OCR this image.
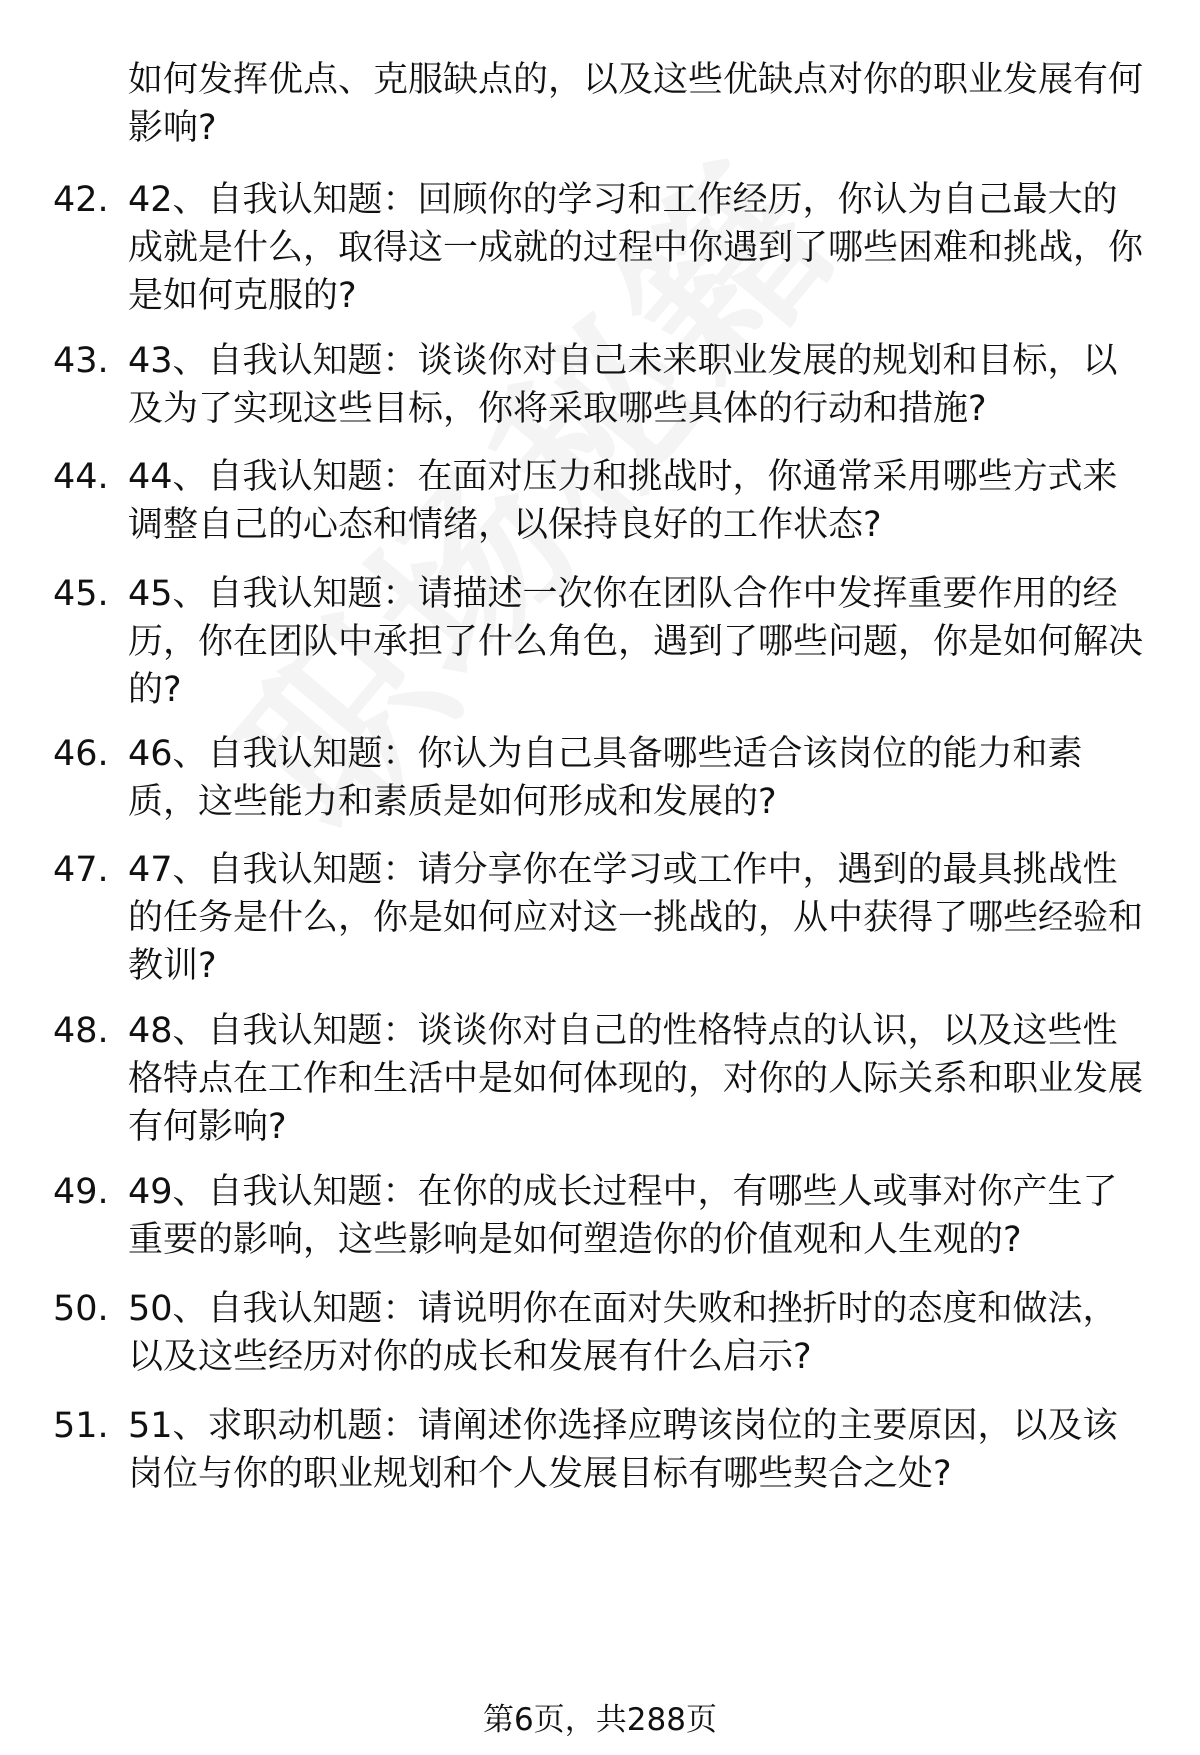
如何发挥优点、克服缺点的，以及这些优缺点对你的职业发展有何影响?
42. 42、自我认知题：回顾你的学习和工作经历，你认为自己最大的成就是什么，取得这一成就的过程中你遇到了哪些困难和挑战，你是如何克服的?
43. 43、自我认知题：谈谈你对自己未来职业发展的规划和目标，以及为了实现这些目标，你将采取哪些具体的行动和措施?
44. 44、自我认知题：在面对压力和挑战时，你通常采用哪些方式来调整自己的心态和情绪，以保持良好的工作状态?
45. 45、自我认知题：请描述一次你在团队合作中发挥重要作用的经历，你在团队中承担了什么角色，遇到了哪些问题，你是如何解决的?
46. 46、自我认知题：你认为自己具备哪些适合该岗位的能力和素质，这些能力和素质是如何形成和发展的?
47. 47、自我认知题：请分享你在学习或工作中，遇到的最具挑战性的任务是什么，你是如何应对这一挑战的，从中获得了哪些经验和教训?
48. 48、自我认知题：谈谈你对自己的性格特点的认识，以及这些性格特点在工作和生活中是如何体现的，对你的人际关系和职业发展有何影响?
49. 49、自我认知题：在你的成长过程中，有哪些人或事对你产生了重要的影响，这些影响是如何塑造你的价值观和人生观的?
50. 50、自我认知题：请说明你在面对失败和挫折时的态度和做法，以及这些经历对你的成长和发展有什么启示?
51. 51、求职动机题：请阐述你选择应聘该岗位的主要原因，以及该岗位与你的职业规划和个人发展目标有哪些契合之处?
第6页，共288页
